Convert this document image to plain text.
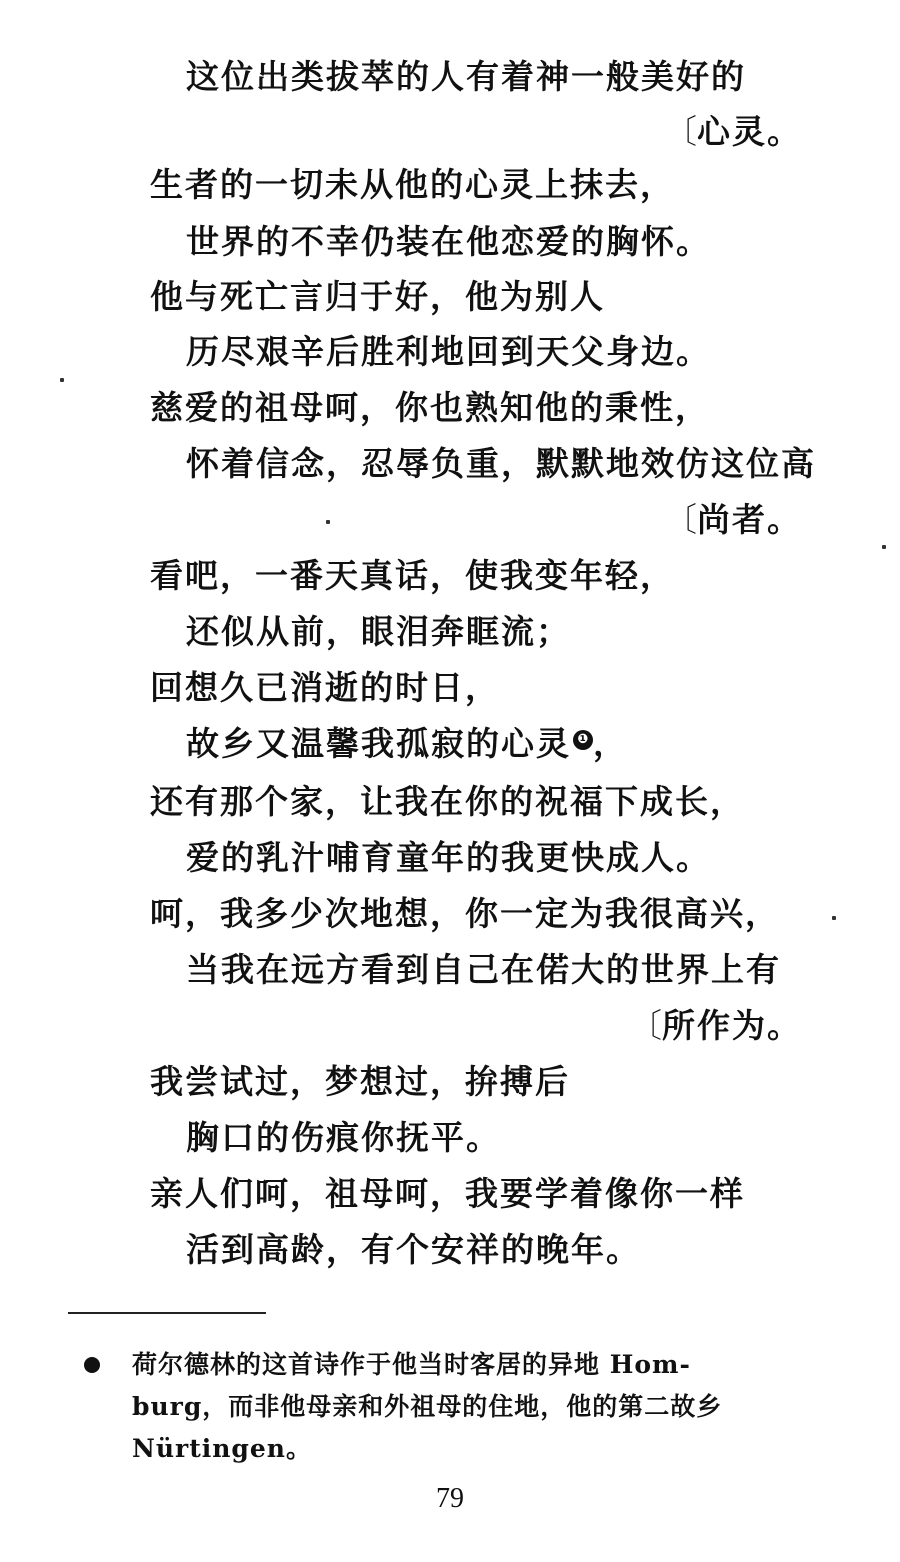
这位出类拔萃的人有着神一般美好的
〔心灵。
生者的一切未从他的心灵上抹去，
世界的不幸仍装在他恋爱的胸怀。
他与死亡言归于好，他为别人
历尽艰辛后胜利地回到天父身边。
慈爱的祖母呵，你也熟知他的秉性，
怀着信念，忍辱负重，默默地效仿这位高
〔尚者。
看吧，一番天真话，使我变年轻，
还似从前，眼泪奔眶流；
回想久已消逝的时日，
故乡又温馨我孤寂的心灵 ❶ ，
还有那个家，让我在你的祝福下成长，
爱的乳汁哺育童年的我更快成人。
呵，我多少次地想，你一定为我很高兴，
当我在远方看到自己在偌大的世界上有
〔所作为。
我尝试过，梦想过，拚搏后
胸口的伤痕你抚平。
亲人们呵，祖母呵，我要学着像你一样
活到高龄，有个安祥的晚年。
荷尔德林的这首诗作于他当时客居的异地 Hom-
burg，而非他母亲和外祖母的住地，他的第二故乡
Nürtingen。
79
